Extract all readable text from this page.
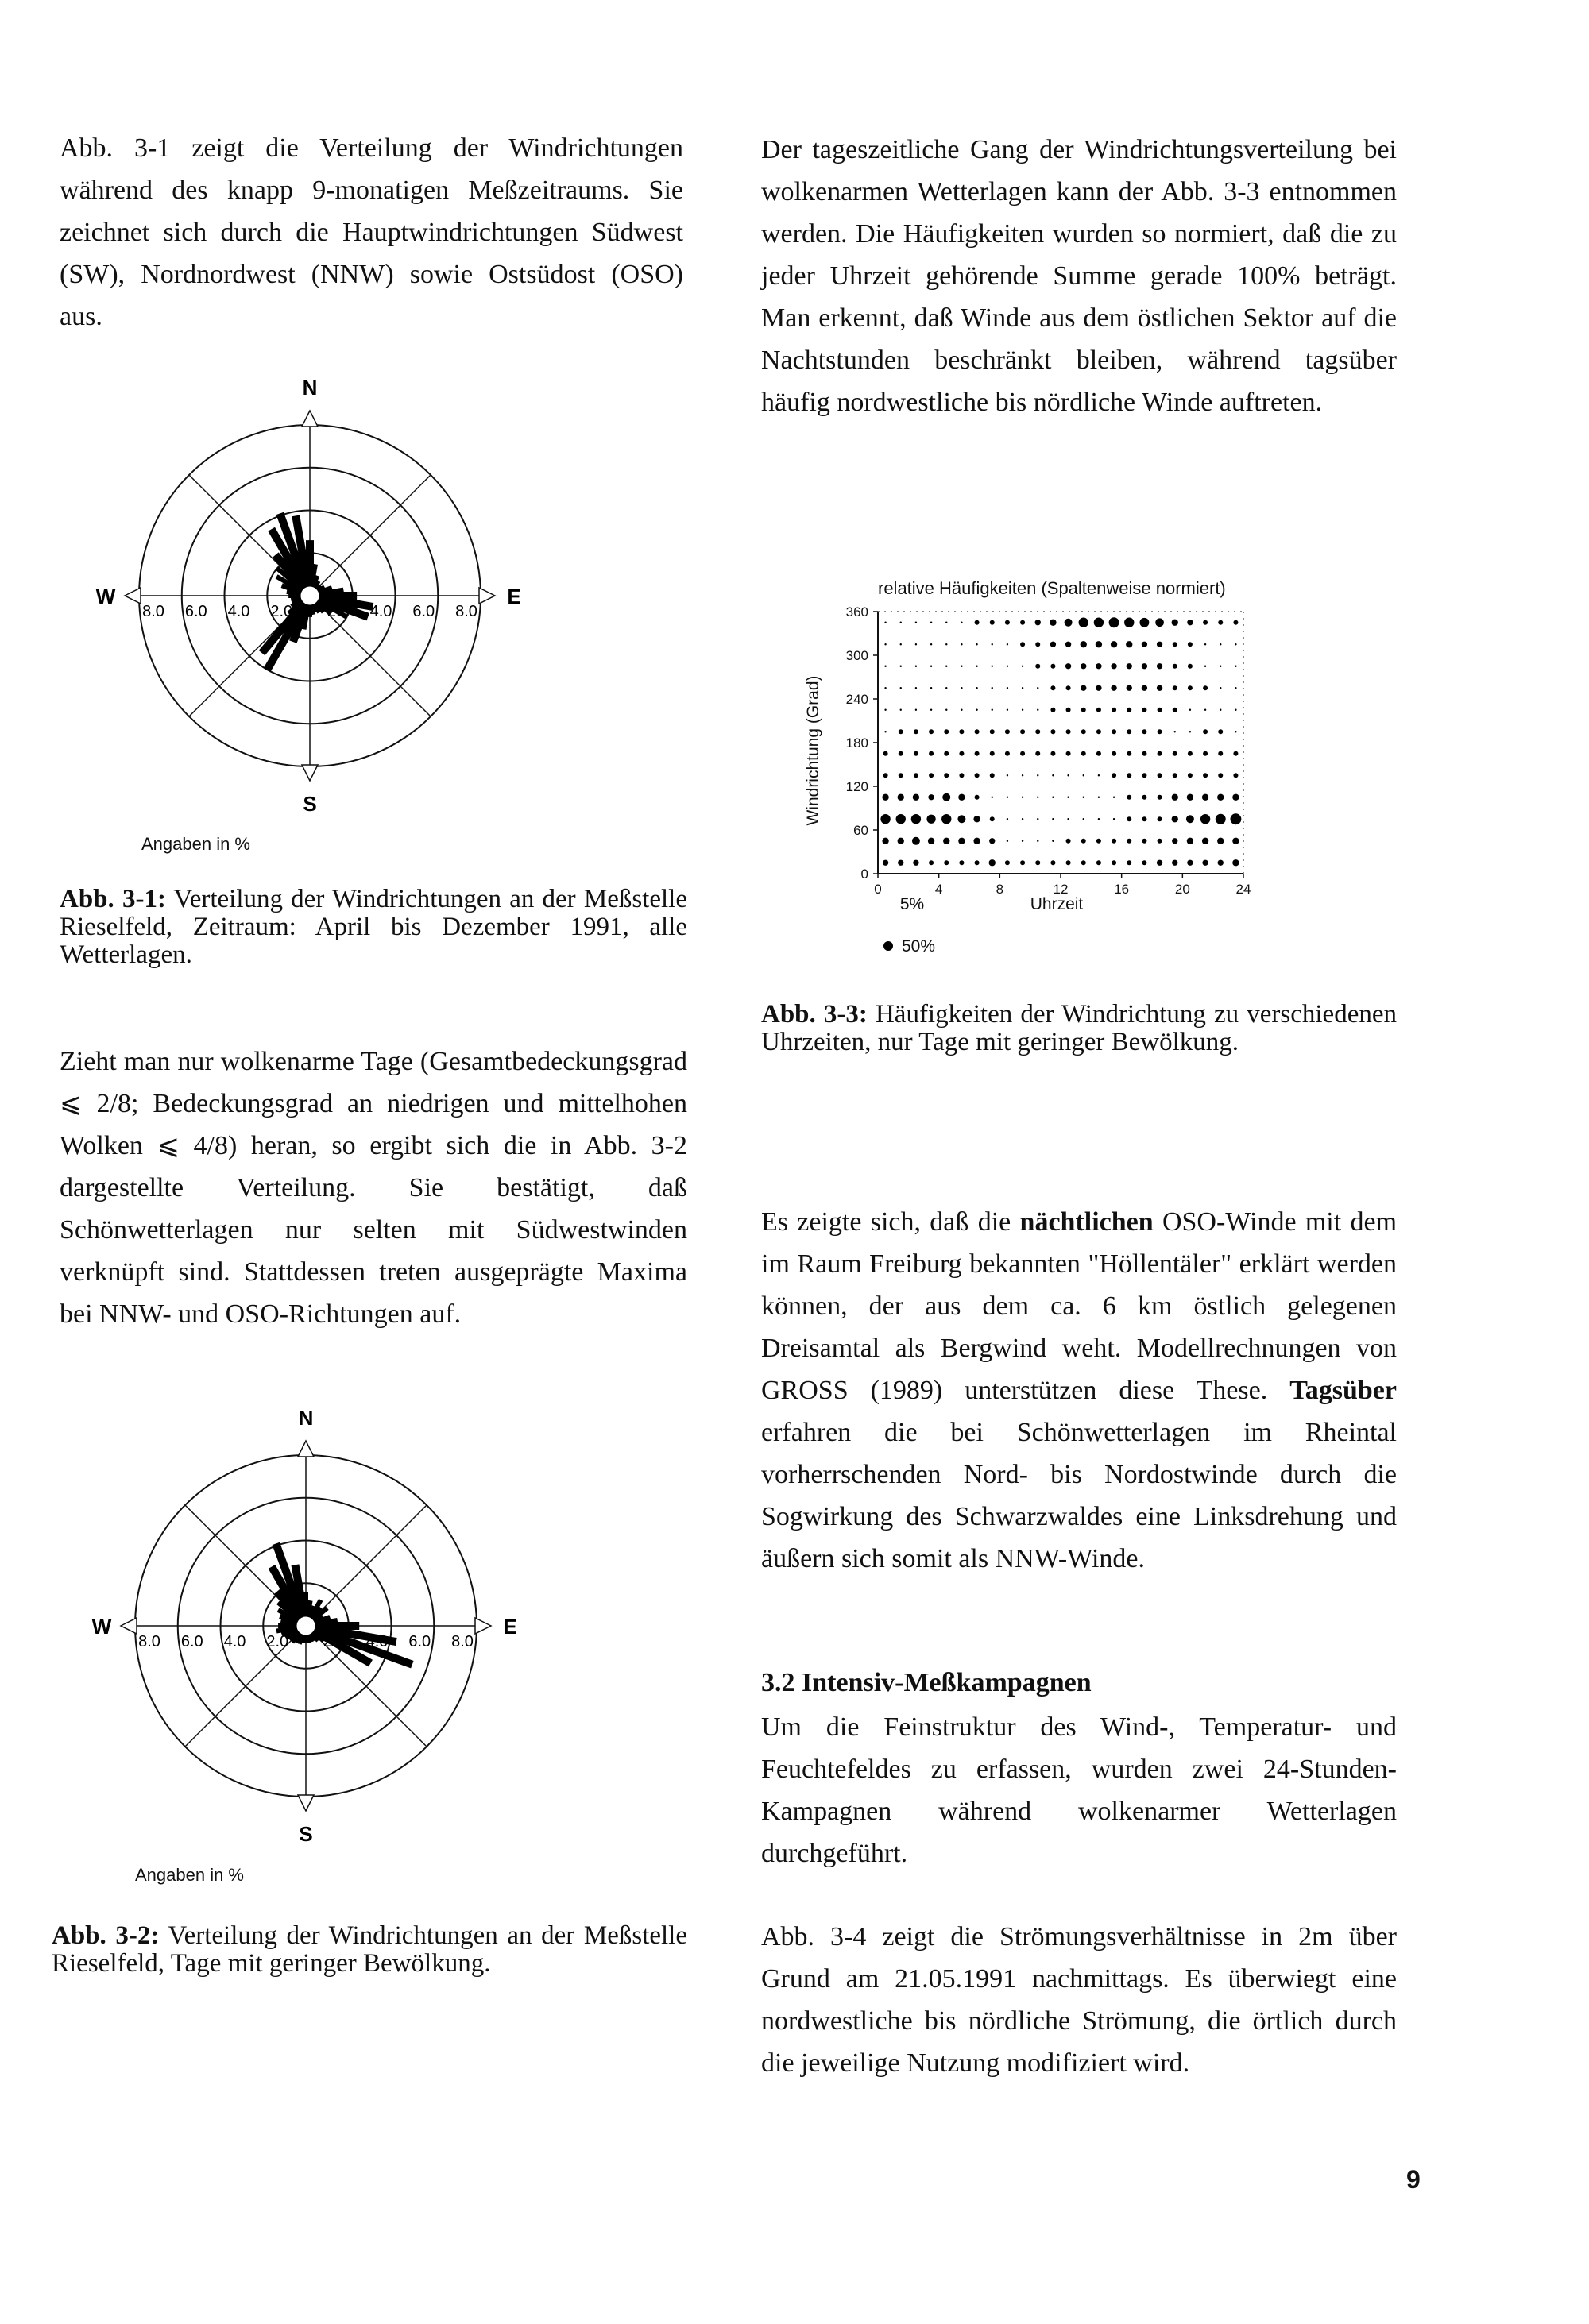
Abb. 3-1 zeigt die Verteilung der Windrichtungen während des knapp 9-monatigen Meßzeitraums. Sie zeichnet sich durch die Hauptwindrichtungen Südwest (SW), Nordnordwest (NNW) sowie Ostsüdost (OSO) aus.

N
E
S
W
8.0 6.0 4.0 2.0 2.0 4.0 6.0 8.0
Angaben in %

Abb. 3-1: Verteilung der Windrichtungen an der Meßstelle Rieselfeld, Zeitraum: April bis Dezember 1991, alle Wetterlagen.

Zieht man nur wolkenarme Tage (Gesamtbedeckungsgrad ⩽ 2/8; Bedeckungsgrad an niedrigen und mittelhohen Wolken ⩽ 4/8) heran, so ergibt sich die in Abb. 3-2 dargestellte Verteilung. Sie bestätigt, daß Schönwetterlagen nur selten mit Südwestwinden verknüpft sind. Stattdessen treten ausgeprägte Maxima bei NNW- und OSO-Richtungen auf.

N
E
S
W
8.0 6.0 4.0 2.0 2.0 4.0 6.0 8.0
Angaben in %

Abb. 3-2: Verteilung der Windrichtungen an der Meßstelle Rieselfeld, Tage mit geringer Bewölkung.

Der tageszeitliche Gang der Windrichtungsverteilung bei wolkenarmen Wetterlagen kann der Abb. 3-3 entnommen werden. Die Häufigkeiten wurden so normiert, daß die zu jeder Uhrzeit gehörende Summe gerade 100% beträgt. Man erkennt, daß Winde aus dem östlichen Sektor auf die Nachtstunden beschränkt bleiben, während tagsüber häufig nordwestliche bis nördliche Winde auftreten.

relative Häufigkeiten (Spaltenweise normiert)
Windrichtung (Grad)
Uhrzeit
5%
50%
0
60
120
180
240
300
360
0	4	8	12	16	20	24

Abb. 3-3: Häufigkeiten der Windrichtung zu verschiedenen Uhrzeiten, nur Tage mit geringer Bewölkung.

Es zeigte sich, daß die nächtlichen OSO-Winde mit dem im Raum Freiburg bekannten "Höllentäler" erklärt werden können, der aus dem ca. 6 km östlich gelegenen Dreisamtal als Bergwind weht. Modellrechnungen von GROSS (1989) unterstützen diese These. Tagsüber erfahren die bei Schönwetterlagen im Rheintal vorherrschenden Nord- bis Nordostwinde durch die Sogwirkung des Schwarzwaldes eine Linksdrehung und äußern sich somit als NNW-Winde.

3.2 Intensiv-Meßkampagnen

Um die Feinstruktur des Wind-, Temperatur- und Feuchtefeldes zu erfassen, wurden zwei 24-Stunden-Kampagnen während wolkenarmer Wetterlagen durchgeführt.

Abb. 3-4 zeigt die Strömungsverhältnisse in 2m über Grund am 21.05.1991 nachmittags. Es überwiegt eine nordwestliche bis nördliche Strömung, die örtlich durch die jeweilige Nutzung modifiziert wird.

9
